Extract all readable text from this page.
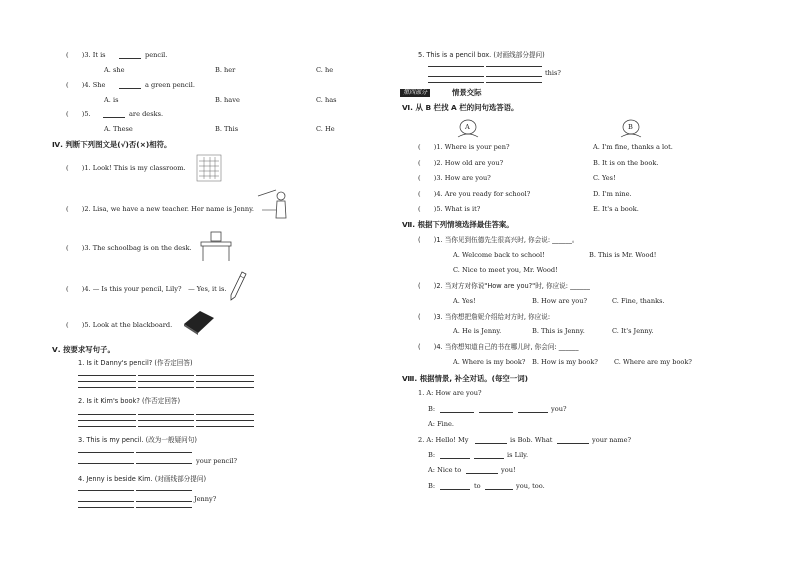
(　　)3. It is	pencil.
A. she	B. her	C. he
(　　)4. She	a green pencil.
A. is	B. have	C. has
(　　)5.	are desks.
A. These	B. This	C. He
Ⅳ. 判断下列图文是(√)否(×)相符。
(　　)1. Look! This is my classroom.
(　　)2. Lisa, we have a new teacher. Her name is Jenny.
(　　)3. The schoolbag is on the desk.
(　　)4. — Is this your pencil, Lily?　— Yes, it is.
(　　)5. Look at the blackboard.
Ⅴ. 按要求写句子。
1. Is it Danny's pencil? (作否定回答)
2. Is it Kim's book? (作否定回答)
3. This is my pencil. (改为一般疑问句)
your pencil?
4. Jenny is beside Kim. (对画线部分提问)
Jenny?
5. This is a pencil box. (对画线部分提问)
this?
第四部分	情景交际
Ⅵ. 从 B 栏找 A 栏的问句选答语。
A	B
(　　)1. Where is your pen?	A. I'm fine, thanks a lot.
(　　)2. How old are you?	B. It is on the book.
(　　)3. How are you?	C. Yes!
(　　)4. Are you ready for school?	D. I'm nine.
(　　)5. What is it?	E. It's a book.
Ⅶ. 根据下列情境选择最佳答案。
(　　)1. 当你见到伍德先生很高兴时, 你会说: ______。
A. Welcome back to school!	B. This is Mr. Wood!
C. Nice to meet you, Mr. Wood!
(　　)2. 当对方对你说"How are you?"时, 你应说: ______
A. Yes!	B. How are you?	C. Fine, thanks.
(　　)3. 当你想把詹妮介绍给对方时, 你应说:
A. He is Jenny.	B. This is Jenny.	C. It's Jenny.
(　　)4. 当你想知道自己的书在哪儿时, 你会问: ______
A. Where is my book? B. How is my book? C. Where are my book?
Ⅷ. 根据情景, 补全对话。(每空一词)
1. A: How are you?
B:	you?
A: Fine.
2. A: Hello! My	is Bob. What	your name?
B:	is Lily.
A: Nice to	you!
B:	to	you, too.
